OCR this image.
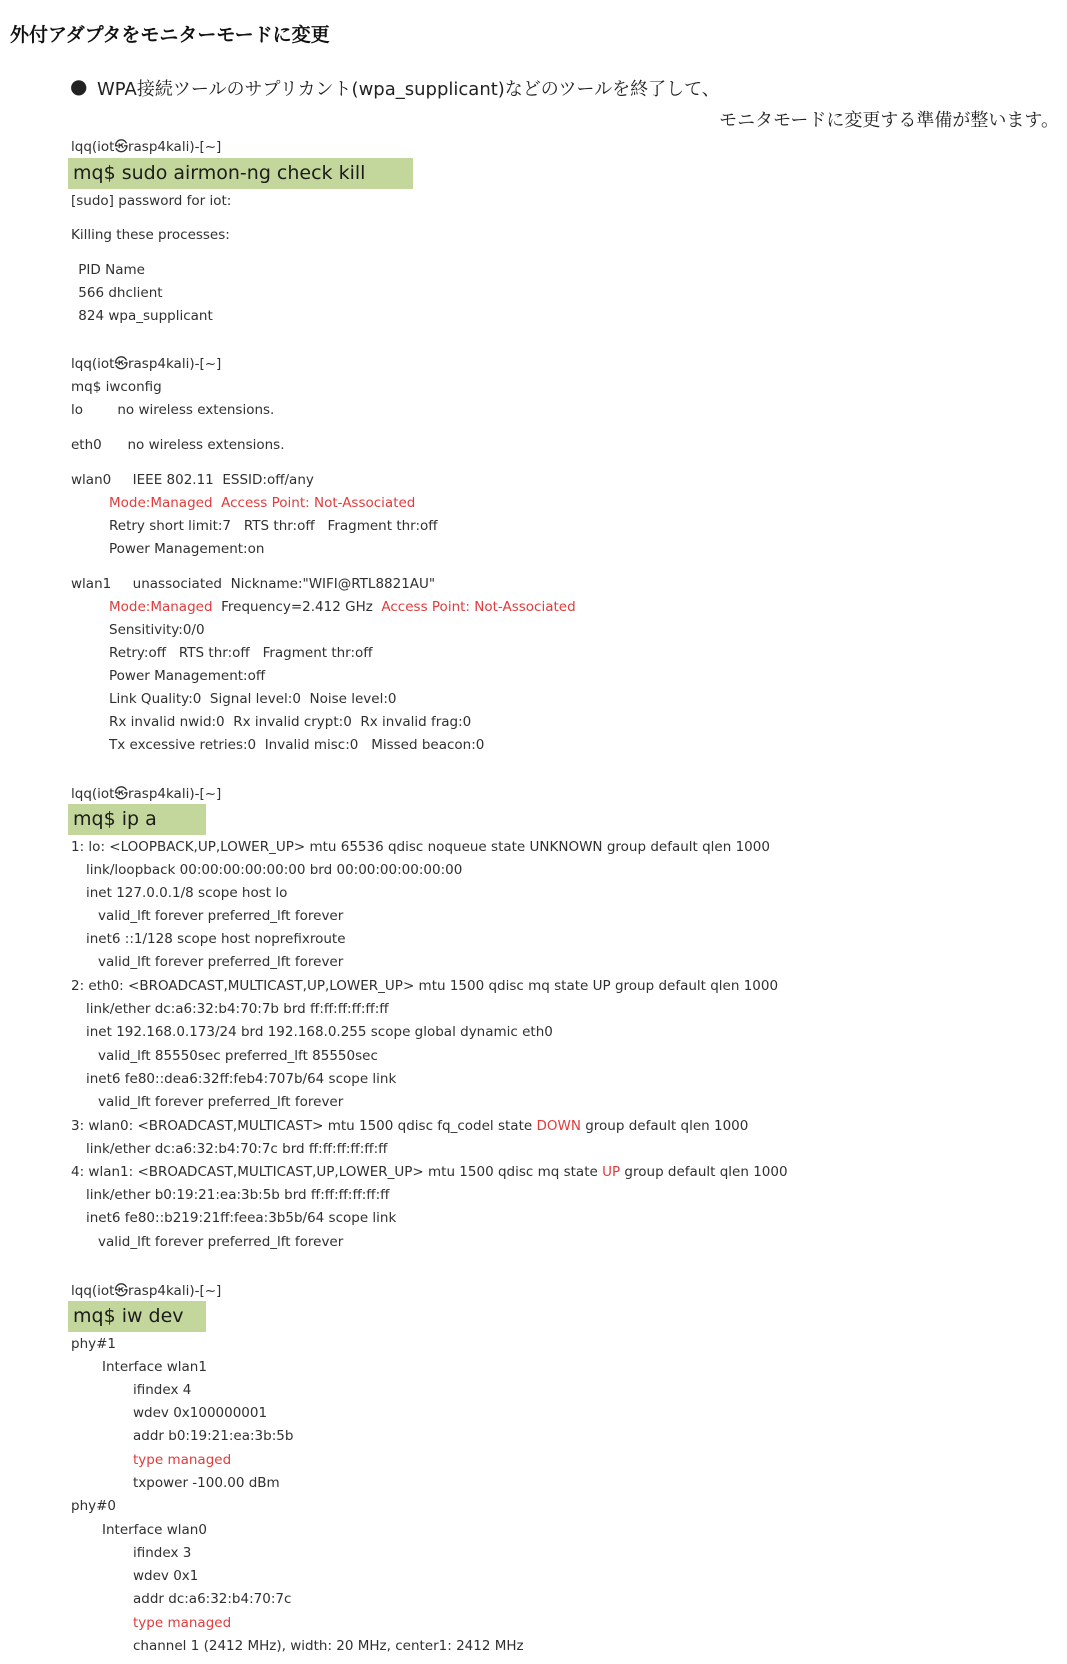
外付アダプタをモニターモードに変更
● WPA接続ツールのサプリカント(wpa_supplicant)などのツールを終了して、
モニタモードに変更する準備が整います。
lqq(iot㉿rasp4kali)-[~]
mq$ sudo airmon-ng check kill
[sudo] password for iot:
Killing these processes:
PID Name
566 dhclient
824 wpa_supplicant
lqq(iot㉿rasp4kali)-[~]
mq$ iwconfig
lo        no wireless extensions.
eth0      no wireless extensions.
wlan0     IEEE 802.11  ESSID:off/any
Mode:Managed  Access Point: Not-Associated
Retry short limit:7   RTS thr:off   Fragment thr:off
Power Management:on
wlan1     unassociated  Nickname:"WIFI@RTL8821AU"
Mode:Managed  Frequency=2.412 GHz  Access Point: Not-Associated
Sensitivity:0/0
Retry:off   RTS thr:off   Fragment thr:off
Power Management:off
Link Quality:0  Signal level:0  Noise level:0
Rx invalid nwid:0  Rx invalid crypt:0  Rx invalid frag:0
Tx excessive retries:0  Invalid misc:0   Missed beacon:0
lqq(iot㉿rasp4kali)-[~]
mq$ ip a
1: lo: <LOOPBACK,UP,LOWER_UP> mtu 65536 qdisc noqueue state UNKNOWN group default qlen 1000
link/loopback 00:00:00:00:00:00 brd 00:00:00:00:00:00
inet 127.0.0.1/8 scope host lo
valid_lft forever preferred_lft forever
inet6 ::1/128 scope host noprefixroute
valid_lft forever preferred_lft forever
2: eth0: <BROADCAST,MULTICAST,UP,LOWER_UP> mtu 1500 qdisc mq state UP group default qlen 1000
link/ether dc:a6:32:b4:70:7b brd ff:ff:ff:ff:ff:ff
inet 192.168.0.173/24 brd 192.168.0.255 scope global dynamic eth0
valid_lft 85550sec preferred_lft 85550sec
inet6 fe80::dea6:32ff:feb4:707b/64 scope link
valid_lft forever preferred_lft forever
3: wlan0: <BROADCAST,MULTICAST> mtu 1500 qdisc fq_codel state DOWN group default qlen 1000
link/ether dc:a6:32:b4:70:7c brd ff:ff:ff:ff:ff:ff
4: wlan1: <BROADCAST,MULTICAST,UP,LOWER_UP> mtu 1500 qdisc mq state UP group default qlen 1000
link/ether b0:19:21:ea:3b:5b brd ff:ff:ff:ff:ff:ff
inet6 fe80::b219:21ff:feea:3b5b/64 scope link
valid_lft forever preferred_lft forever
lqq(iot㉿rasp4kali)-[~]
mq$ iw dev
phy#1
Interface wlan1
ifindex 4
wdev 0x100000001
addr b0:19:21:ea:3b:5b
type managed
txpower -100.00 dBm
phy#0
Interface wlan0
ifindex 3
wdev 0x1
addr dc:a6:32:b4:70:7c
type managed
channel 1 (2412 MHz), width: 20 MHz, center1: 2412 MHz
